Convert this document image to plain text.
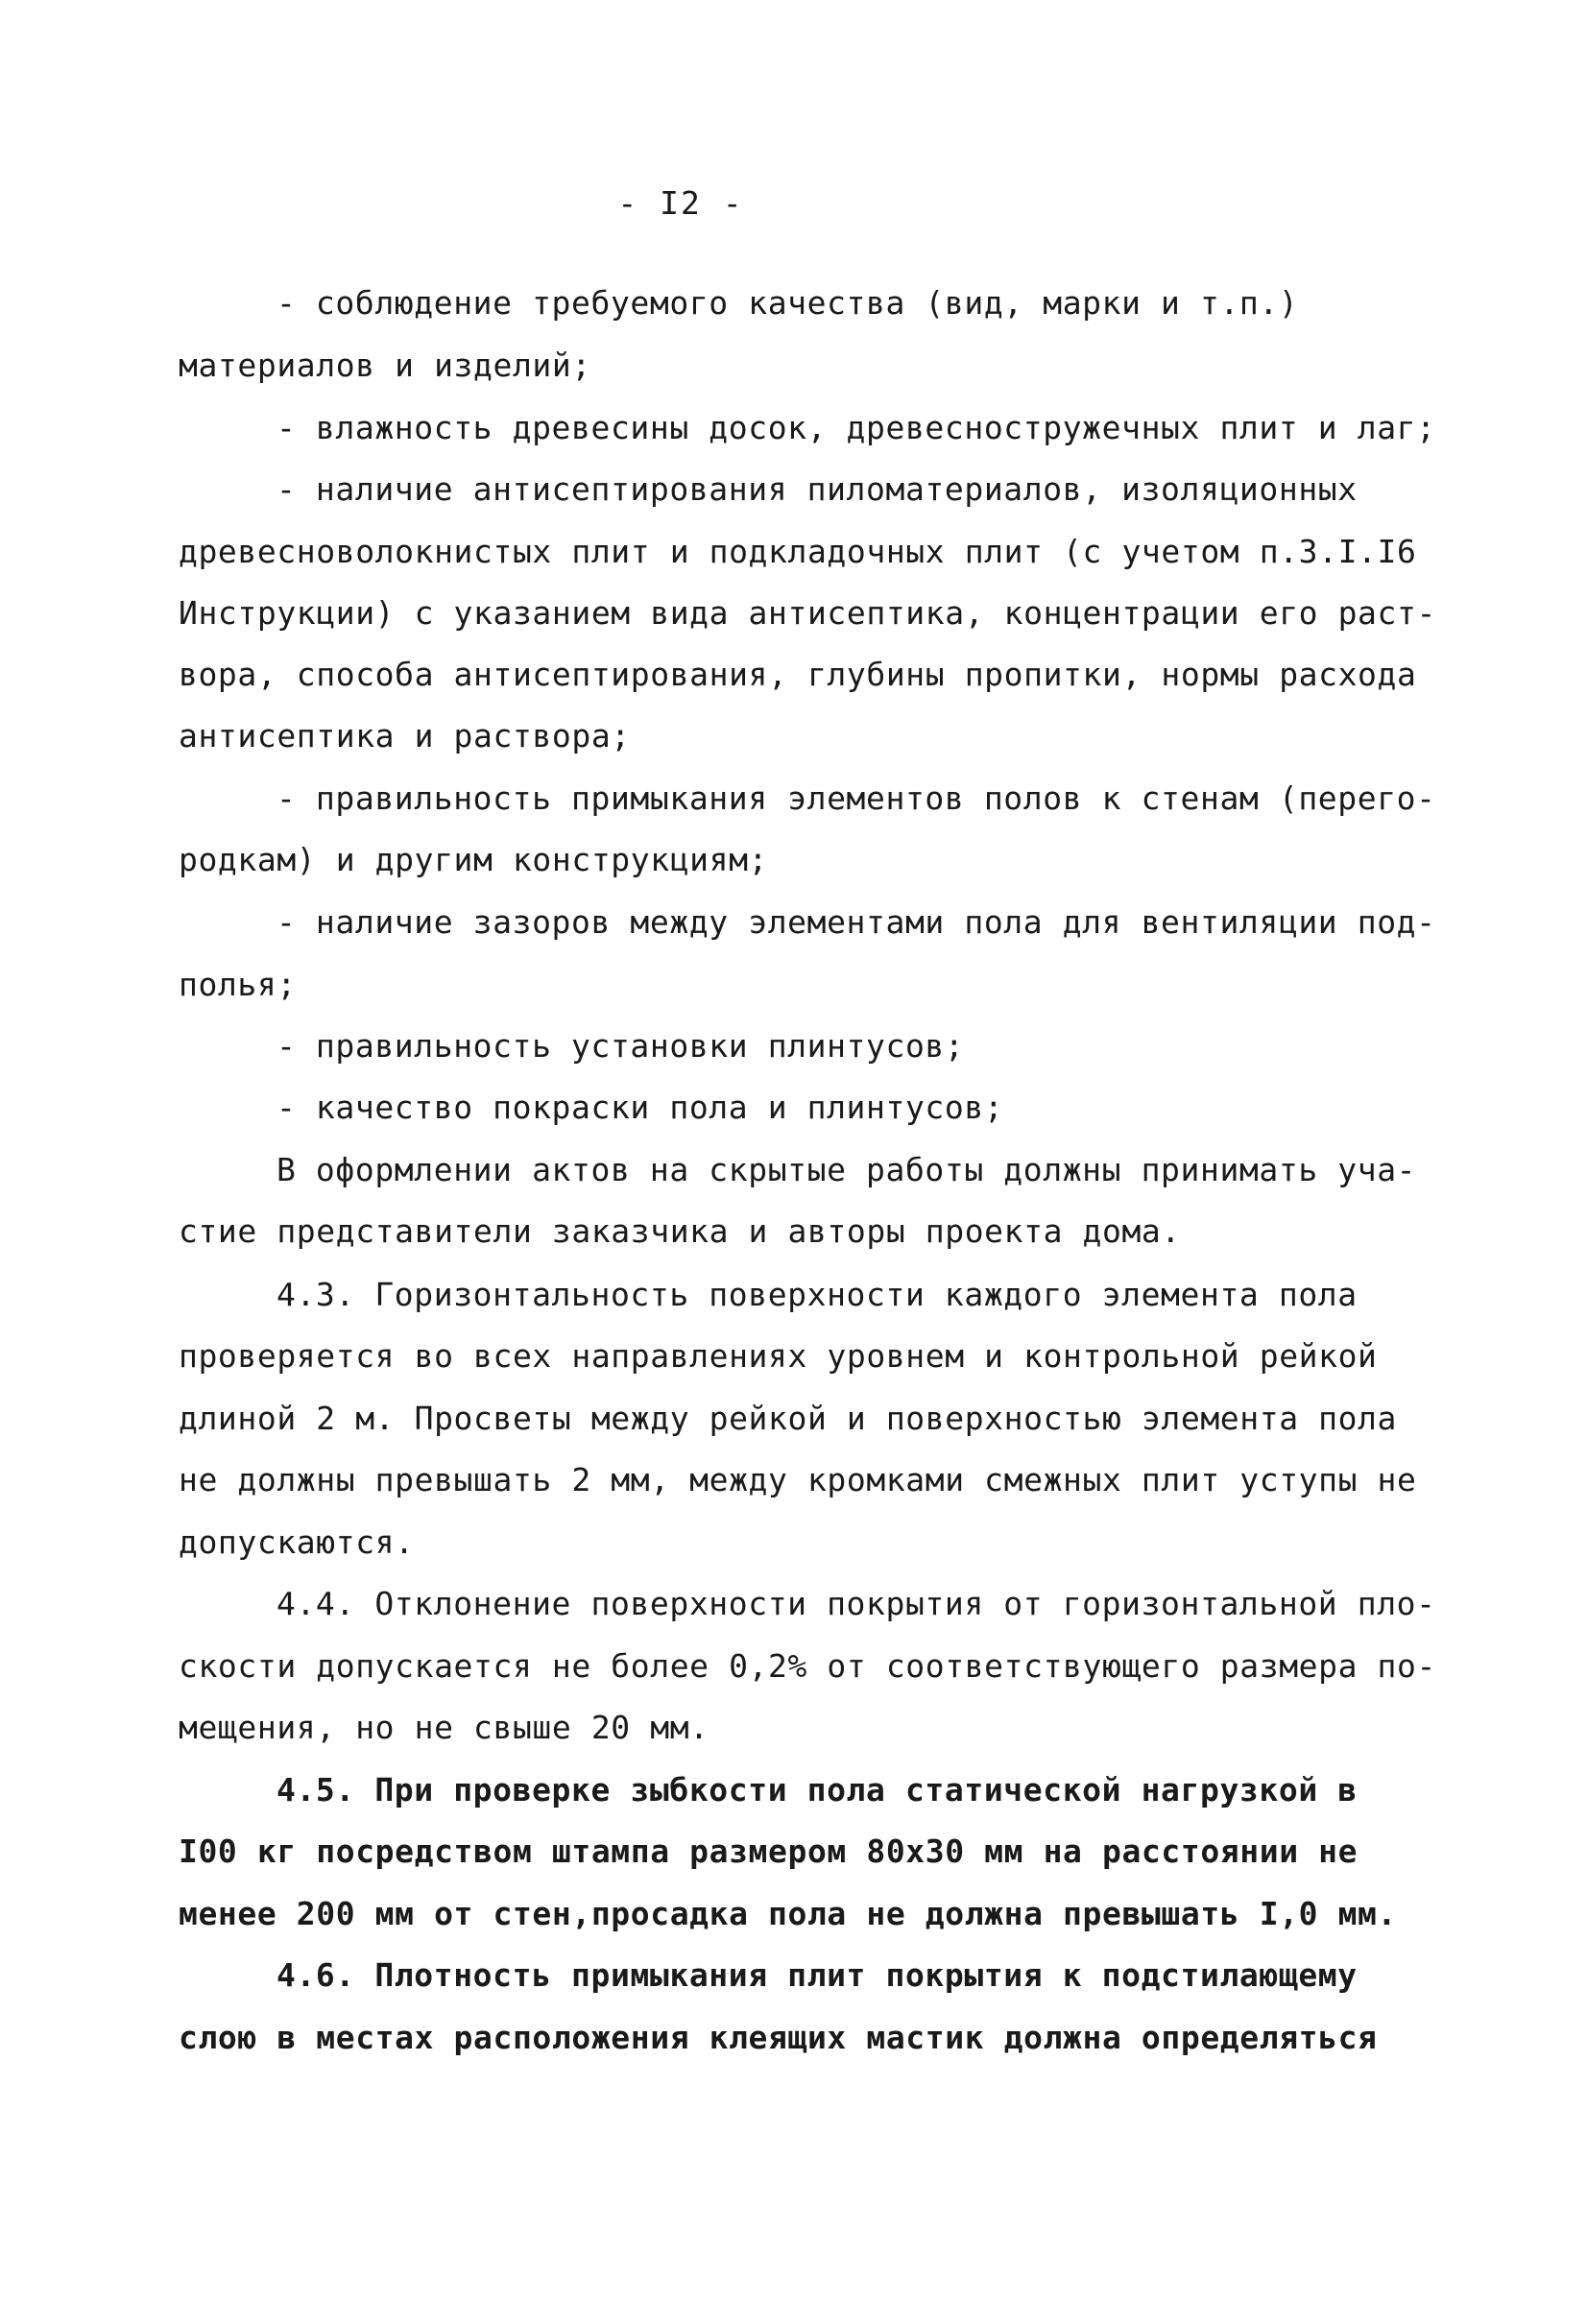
- I2 -
- соблюдение требуемого качества (вид, марки и т.п.)
материалов и изделий;
- влажность древесины досок, древесностружечных плит и лаг;
- наличие антисептирования пиломатериалов, изоляционных
древесноволокнистых плит и подкладочных плит (с учетом п.3.I.I6
Инструкции) с указанием вида антисептика, концентрации его раст-
вора, способа антисептирования, глубины пропитки, нормы расхода
антисептика и раствора;
- правильность примыкания элементов полов к стенам (перего-
родкам) и другим конструкциям;
- наличие зазоров между элементами пола для вентиляции под-
полья;
- правильность установки плинтусов;
- качество покраски пола и плинтусов;
В оформлении актов на скрытые работы должны принимать уча-
стие представители заказчика и авторы проекта дома.
4.3. Горизонтальность поверхности каждого элемента пола
проверяется во всех направлениях уровнем и контрольной рейкой
длиной 2 м. Просветы между рейкой и поверхностью элемента пола
не должны превышать 2 мм, между кромками смежных плит уступы не
допускаются.
4.4. Отклонение поверхности покрытия от горизонтальной пло-
скости допускается не более 0,2% от соответствующего размера по-
мещения, но не свыше 20 мм.
4.5. При проверке зыбкости пола статической нагрузкой в
I00 кг посредством штампа размером 80х30 мм на расстоянии не
менее 200 мм от стен,просадка пола не должна превышать I,0 мм.
4.6. Плотность примыкания плит покрытия к подстилающему
слою в местах расположения клеящих мастик должна определяться
